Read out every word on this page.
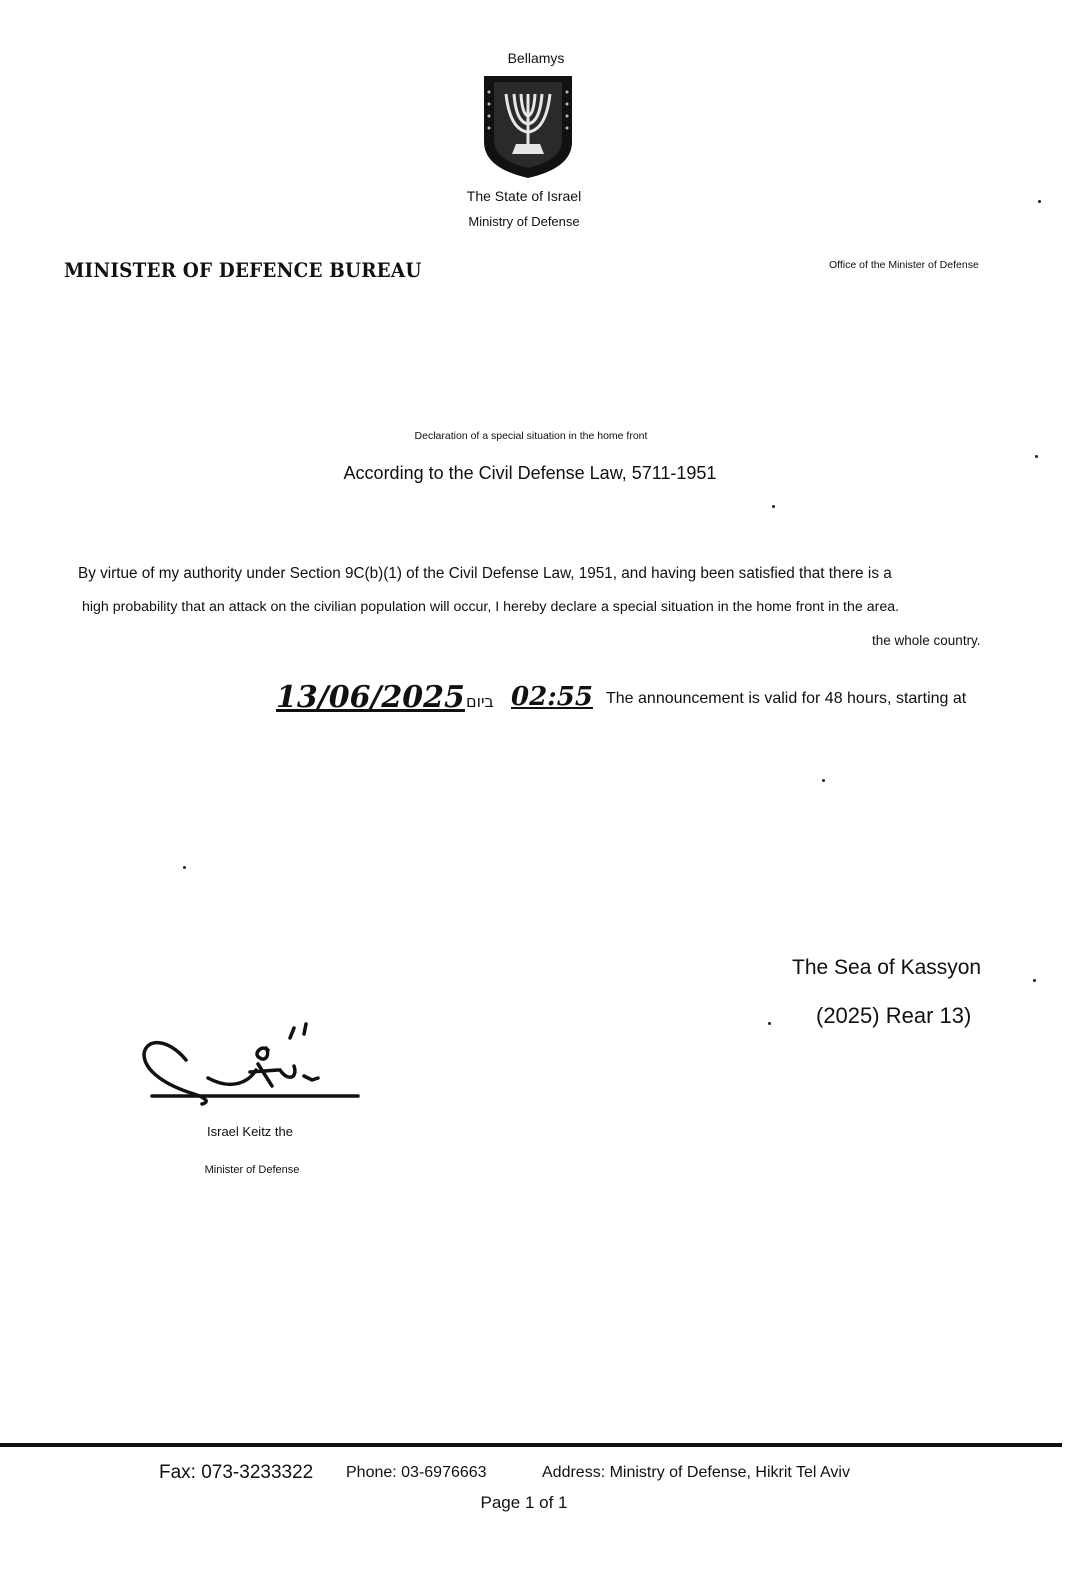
Bellamys
The State of Israel
Ministry of Defense
MINISTER OF DEFENCE BUREAU	Office of the Minister of Defense
Declaration of a special situation in the home front
According to the Civil Defense Law, 5711-1951
By virtue of my authority under Section 9C(b)(1) of the Civil Defense Law, 1951, and having been satisfied that there is a
high probability that an attack on the civilian population will occur, I hereby declare a special situation in the home front in the area.
the whole country.
13/06/2025 ביום 02:55 The announcement is valid for 48 hours, starting at
The Sea of Kassyon
(2025) Rear 13)
Israel Keitz the
Minister of Defense
Fax: 073-3233322 Phone: 03-6976663	Address: Ministry of Defense, Hikrit Tel Aviv
Page 1 of 1
